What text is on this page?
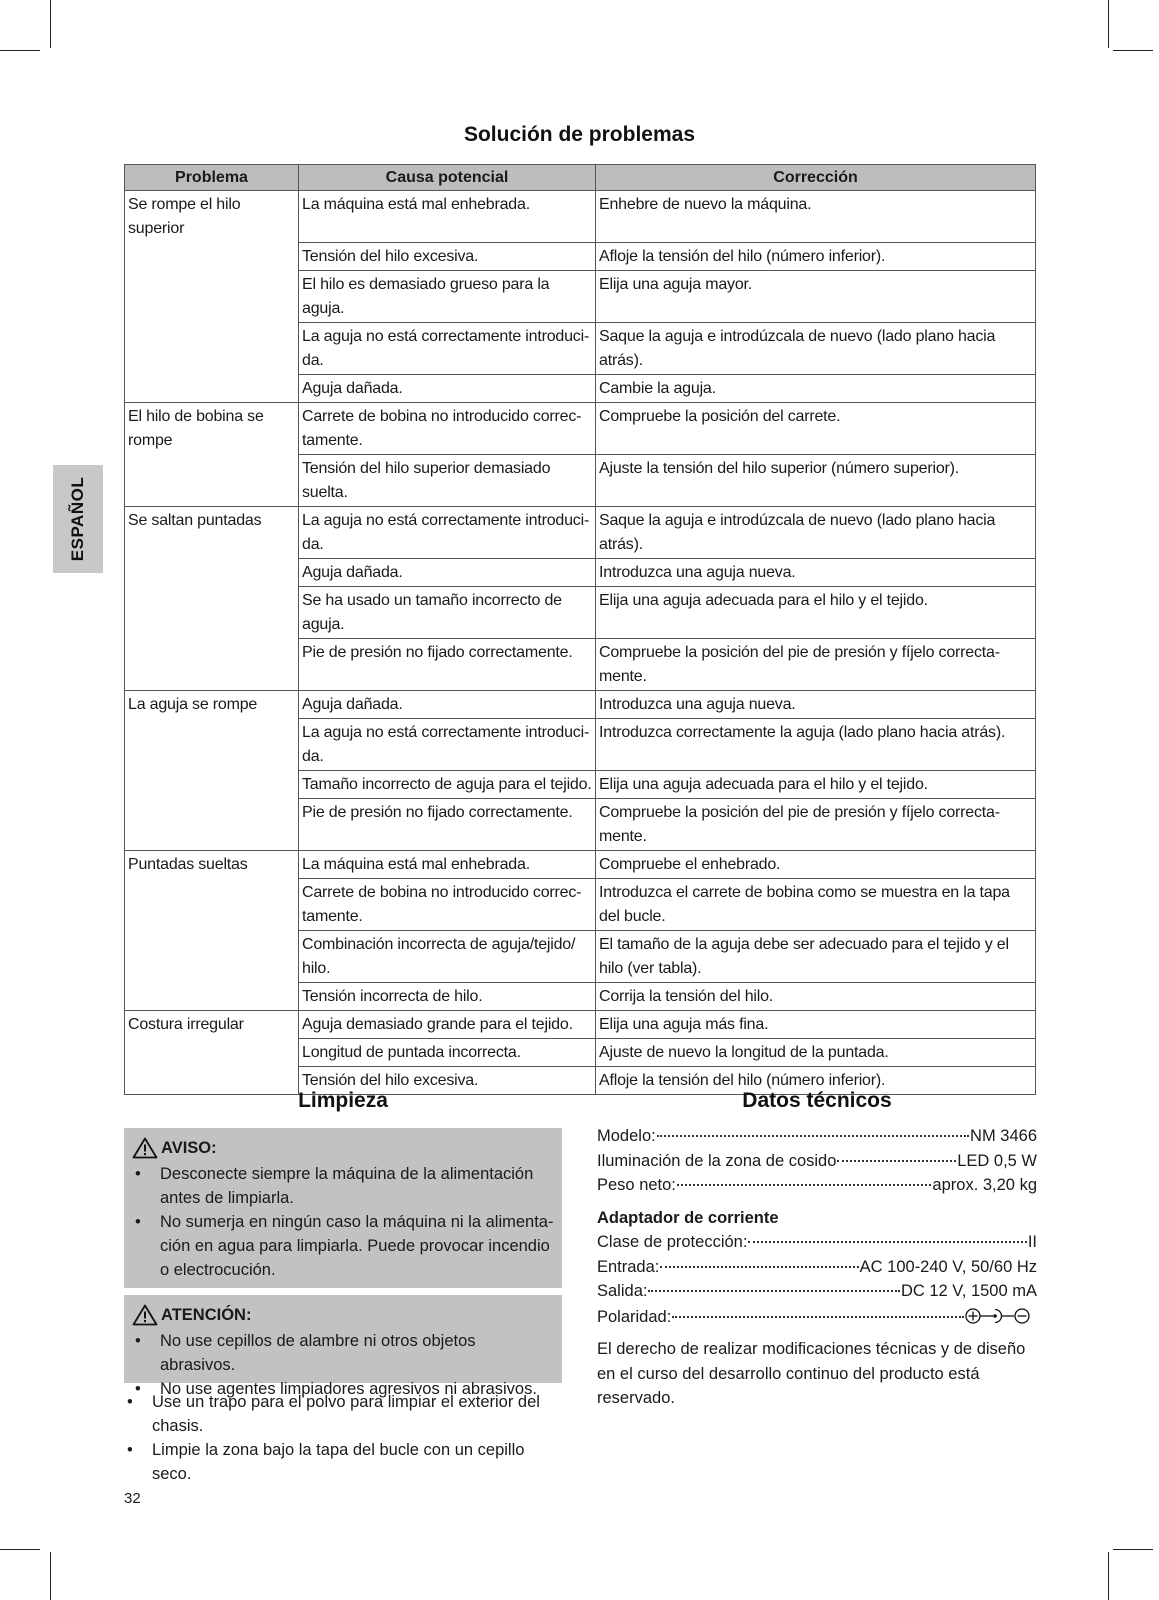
ESPAÑOL
Solución de problemas
Problema	Causa potencial	Corrección
Se rompe el hilo superior	La máquina está mal enhebrada.	Enhebre de nuevo la máquina.
	Tensión del hilo excesiva.	Afloje la tensión del hilo (número inferior).
	El hilo es demasiado grueso para la aguja.	Elija una aguja mayor.
	La aguja no está correctamente introduci-da.	Saque la aguja e introdúzcala de nuevo (lado plano hacia atrás).
	Aguja dañada.	Cambie la aguja.
El hilo de bobina se rompe	Carrete de bobina no introducido correc-tamente.	Compruebe la posición del carrete.
	Tensión del hilo superior demasiado suelta.	Ajuste la tensión del hilo superior (número superior).
Se saltan puntadas	La aguja no está correctamente introduci-da.	Saque la aguja e introdúzcala de nuevo (lado plano hacia atrás).
	Aguja dañada.	Introduzca una aguja nueva.
	Se ha usado un tamaño incorrecto de aguja.	Elija una aguja adecuada para el hilo y el tejido.
	Pie de presión no fijado correctamente.	Compruebe la posición del pie de presión y fíjelo correcta-mente.
La aguja se rompe	Aguja dañada.	Introduzca una aguja nueva.
	La aguja no está correctamente introduci-da.	Introduzca correctamente la aguja (lado plano hacia atrás).
	Tamaño incorrecto de aguja para el tejido.	Elija una aguja adecuada para el hilo y el tejido.
	Pie de presión no fijado correctamente.	Compruebe la posición del pie de presión y fíjelo correcta-mente.
Puntadas sueltas	La máquina está mal enhebrada.	Compruebe el enhebrado.
	Carrete de bobina no introducido correc-tamente.	Introduzca el carrete de bobina como se muestra en la tapa del bucle.
	Combinación incorrecta de aguja/tejido/ hilo.	El tamaño de la aguja debe ser adecuado para el tejido y el hilo (ver tabla).
	Tensión incorrecta de hilo.	Corrija la tensión del hilo.
Costura irregular	Aguja demasiado grande para el tejido.	Elija una aguja más fina.
	Longitud de puntada incorrecta.	Ajuste de nuevo la longitud de la puntada.
	Tensión del hilo excesiva.	Afloje la tensión del hilo (número inferior).
Limpieza
AVISO:
• Desconecte siempre la máquina de la alimentación antes de limpiarla.
• No sumerja en ningún caso la máquina ni la alimenta-ción en agua para limpiarla. Puede provocar incendio o electrocución.
ATENCIÓN:
• No use cepillos de alambre ni otros objetos abrasivos.
• No use agentes limpiadores agresivos ni abrasivos.
• Use un trapo para el polvo para limpiar el exterior del chasis.
• Limpie la zona bajo la tapa del bucle con un cepillo seco.
Datos técnicos
Modelo:	NM 3466
Iluminación de la zona de cosido	LED 0,5 W
Peso neto:	aprox. 3,20 kg
Adaptador de corriente
Clase de protección:	II
Entrada:	AC 100-240 V, 50/60 Hz
Salida:	DC 12 V, 1500 mA
Polaridad:
El derecho de realizar modificaciones técnicas y de diseño en el curso del desarrollo continuo del producto está reservado.
32
